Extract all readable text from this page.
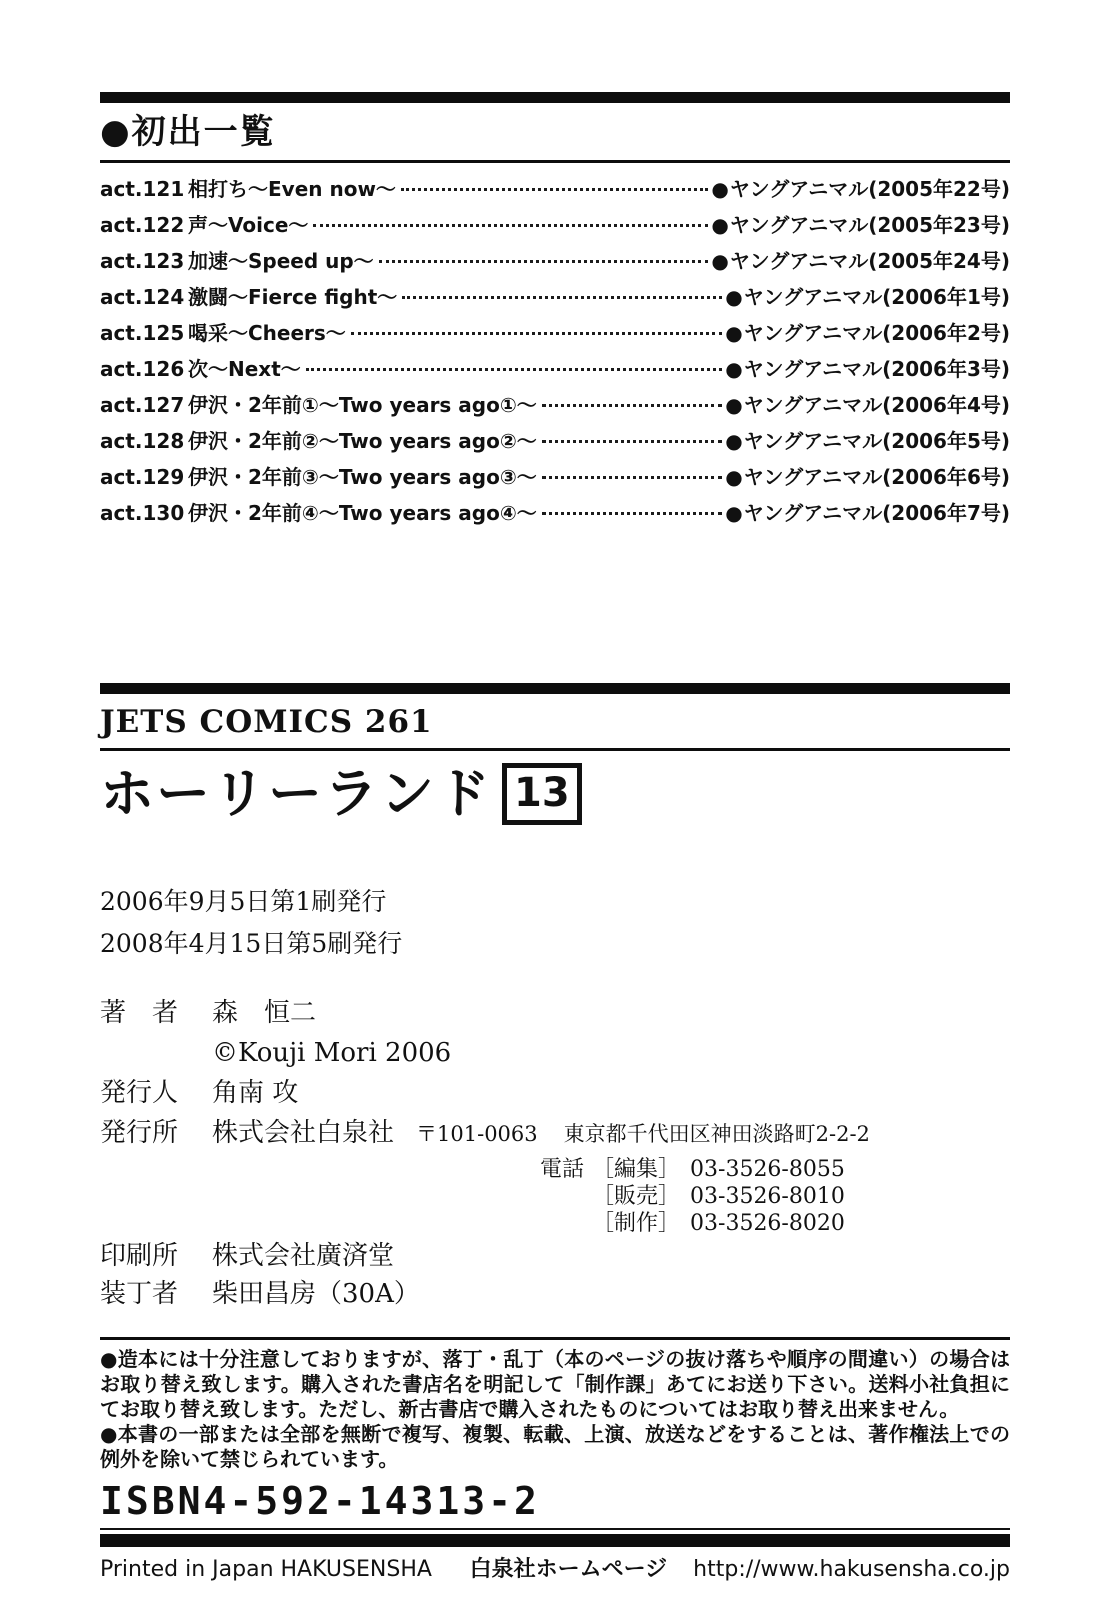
●初出一覧
act.121 相打ち～Even now～	●ヤングアニマル(2005年22号)
act.122 声～Voice～	●ヤングアニマル(2005年23号)
act.123 加速～Speed up～	●ヤングアニマル(2005年24号)
act.124 激闘～Fierce fight～	●ヤングアニマル(2006年1号)
act.125 喝采～Cheers～	●ヤングアニマル(2006年2号)
act.126 次～Next～	●ヤングアニマル(2006年3号)
act.127 伊沢・2年前①～Two years ago①～	●ヤングアニマル(2006年4号)
act.128 伊沢・2年前②～Two years ago②～	●ヤングアニマル(2006年5号)
act.129 伊沢・2年前③～Two years ago③～	●ヤングアニマル(2006年6号)
act.130 伊沢・2年前④～Two years ago④～	●ヤングアニマル(2006年7号)
JETS COMICS 261
ホーリーランド 13
2006年9月5日第1刷発行
2008年4月15日第5刷発行
著　者	森　恒二
©Kouji Mori 2006
発行人	角南 攻
発行所	株式会社白泉社 〒101-0063 東京都千代田区神田淡路町2-2-2
電話 ［編集］ 03-3526-8055
［販売］ 03-3526-8010
［制作］ 03-3526-8020
印刷所	株式会社廣済堂
装丁者	柴田昌房（30A）

●造本には十分注意しておりますが、落丁・乱丁（本のページの抜け落ちや順序の間違い）の場合はお取り替え致します。購入された書店名を明記して「制作課」あてにお送り下さい。送料小社負担にてお取り替え致します。ただし、新古書店で購入されたものについてはお取り替え出来ません。

●本書の一部または全部を無断で複写、複製、転載、上演、放送などをすることは、著作権法上での例外を除いて禁じられています。

ISBN4-592-14313-2
Printed in Japan HAKUSENSHA 白泉社ホームページ http://www.hakusensha.co.jp
